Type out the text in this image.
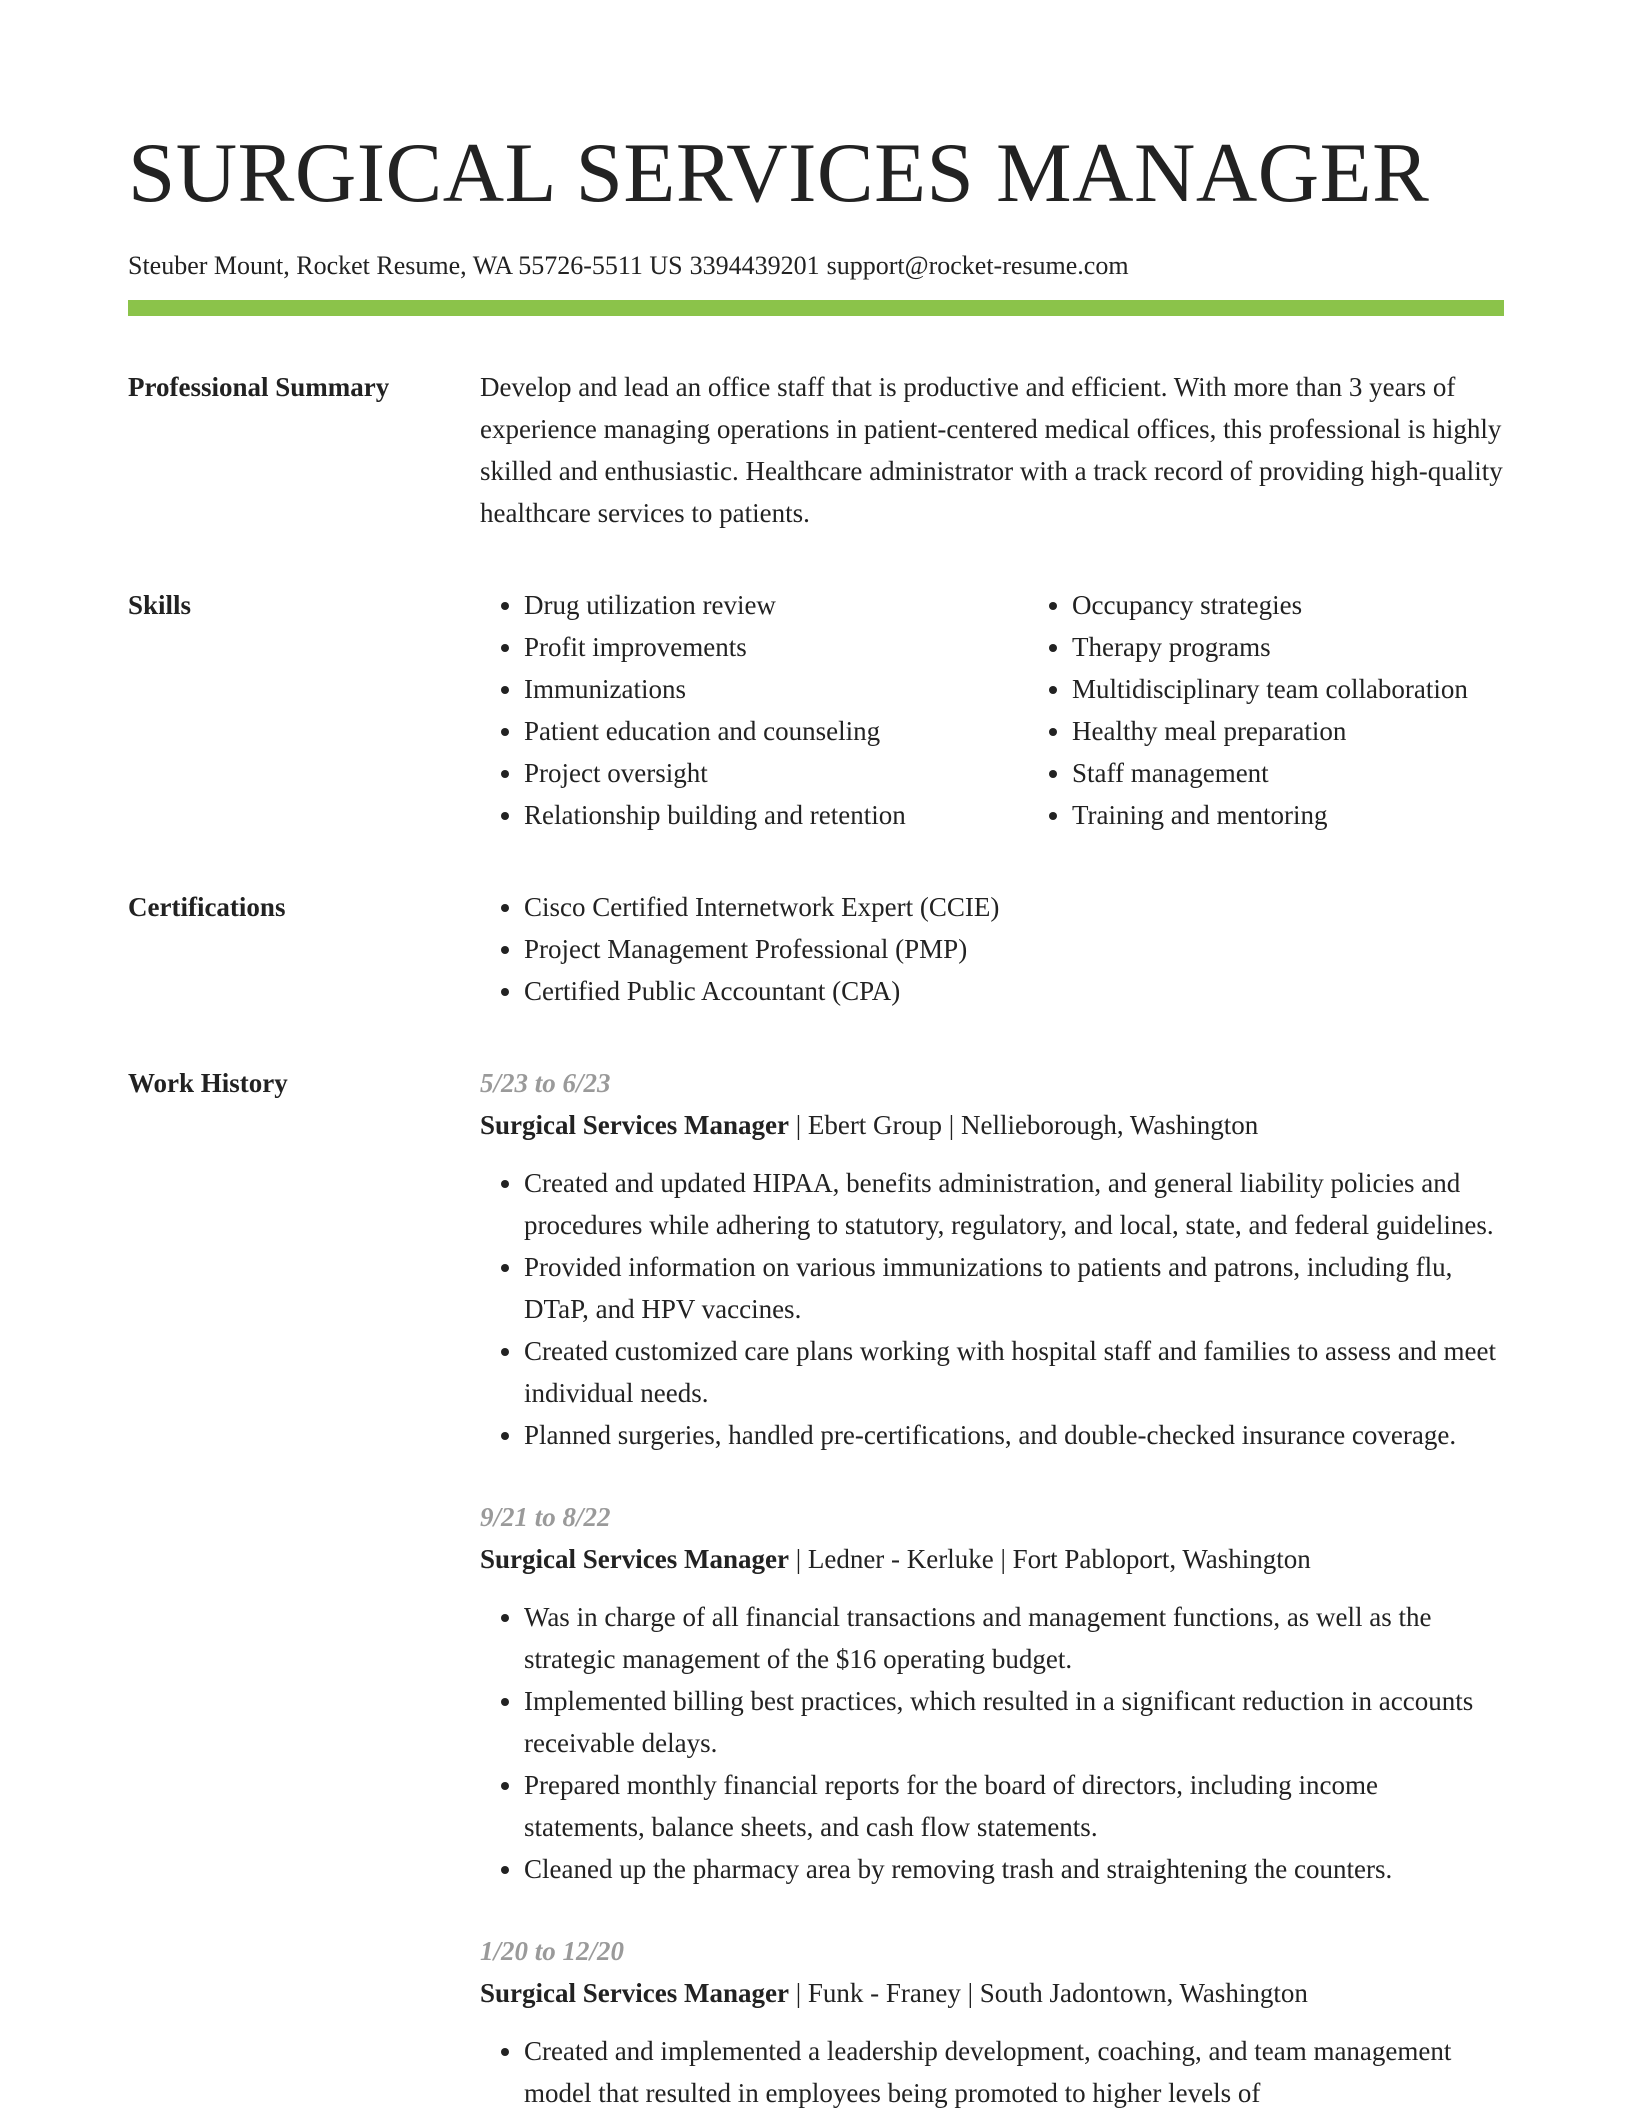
SURGICAL SERVICES MANAGER
Steuber Mount, Rocket Resume, WA 55726-5511 US 3394439201 support@rocket-resume.com
Professional Summary	Develop and lead an office staff that is productive and efficient. With more than 3 years of experience managing operations in patient-centered medical offices, this professional is highly skilled and enthusiastic. Healthcare administrator with a track record of providing high-quality healthcare services to patients.

Skills	• Drug utilization review
• Profit improvements
• Immunizations
• Patient education and counseling
• Project oversight
• Relationship building and retention
• Occupancy strategies
• Therapy programs
• Multidisciplinary team collaboration
• Healthy meal preparation
• Staff management
• Training and mentoring
Certifications	• Cisco Certified Internetwork Expert (CCIE)
• Project Management Professional (PMP)
• Certified Public Accountant (CPA)
Work History	5/23 to 6/23
Surgical Services Manager | Ebert Group | Nellieborough, Washington
• Created and updated HIPAA, benefits administration, and general liability policies and procedures while adhering to statutory, regulatory, and local, state, and federal guidelines.
• Provided information on various immunizations to patients and patrons, including flu, DTaP, and HPV vaccines.
• Created customized care plans working with hospital staff and families to assess and meet individual needs.
• Planned surgeries, handled pre-certifications, and double-checked insurance coverage.
9/21 to 8/22
Surgical Services Manager | Ledner - Kerluke | Fort Pabloport, Washington
• Was in charge of all financial transactions and management functions, as well as the strategic management of the $16 operating budget.
• Implemented billing best practices, which resulted in a significant reduction in accounts receivable delays.
• Prepared monthly financial reports for the board of directors, including income statements, balance sheets, and cash flow statements.
• Cleaned up the pharmacy area by removing trash and straightening the counters.
1/20 to 12/20
Surgical Services Manager | Funk - Franey | South Jadontown, Washington
• Created and implemented a leadership development, coaching, and team management model that resulted in employees being promoted to higher levels of
